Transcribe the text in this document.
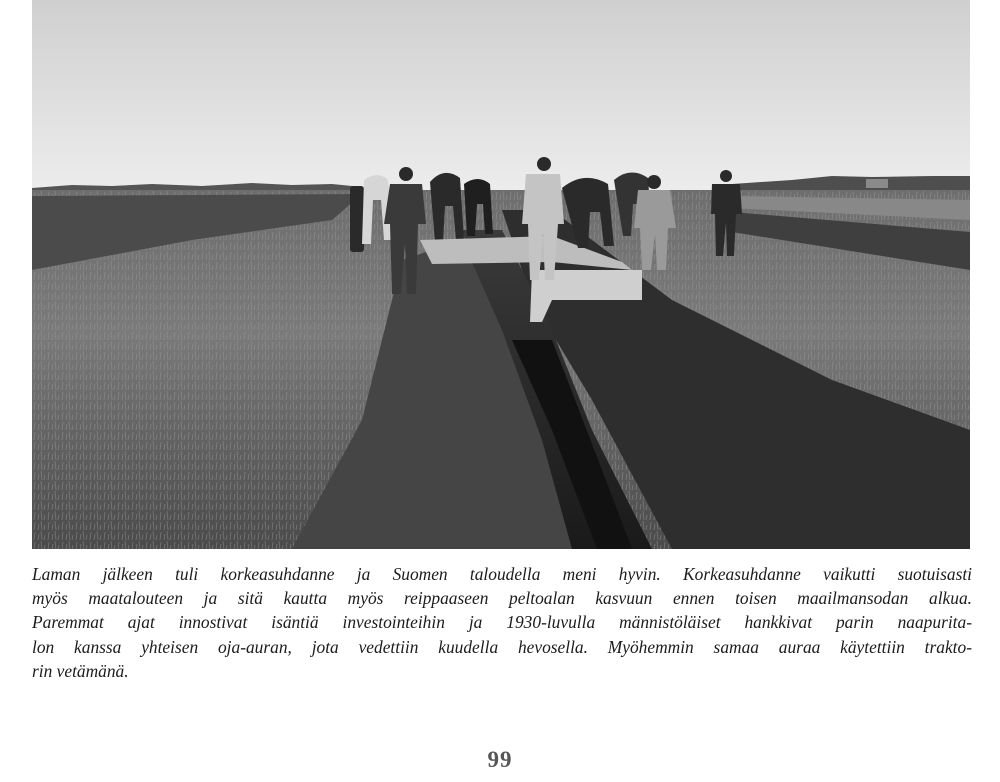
Laman jälkeen tuli korkeasuhdanne ja Suomen taloudella meni hyvin. Korkeasuhdanne vaikutti suotuisasti
myös maatalouteen ja sitä kautta myös reippaaseen peltoalan kasvuun ennen toisen maailmansodan alkua.
Paremmat ajat innostivat isäntiä investointeihin ja 1930-luvulla männistöläiset hankkivat parin naapurita-
lon kanssa yhteisen oja-auran, jota vedettiin kuudella hevosella. Myöhemmin samaa auraa käytettiin trakto-
rin vetämänä.
99
